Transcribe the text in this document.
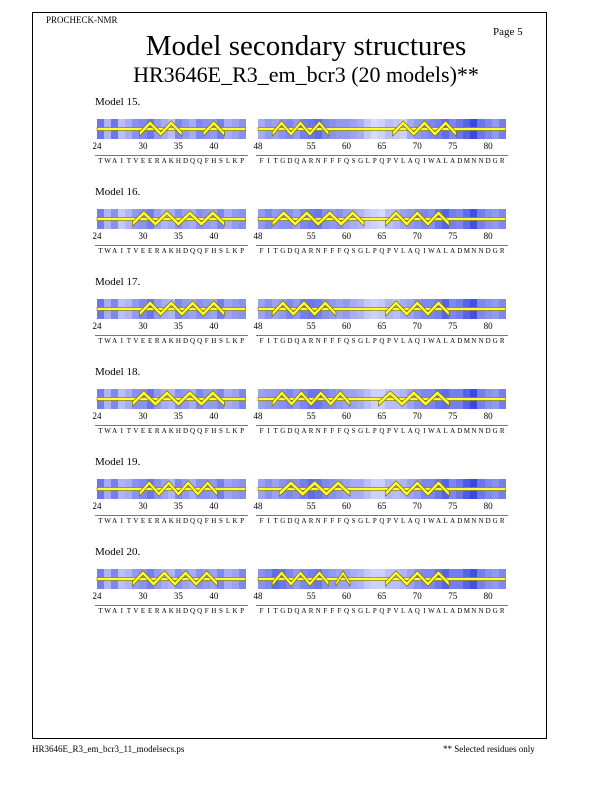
PROCHECK-NMR
Page 5
Model secondary structures
HR3646E_R3_em_bcr3 (20 models)**
Model 15.
24	30	35	40	48	55	60	65	70	75	80
T W A I T V E E R A K H D Q Q F H S L K P F I T G D Q A R N F F F Q S G L P Q P V L A Q I W A L A D M N N D G R
Model 16.
24	30	35	40	48	55	60	65	70	75	80
T W A I T V E E R A K H D Q Q F H S L K P F I T G D Q A R N F F F Q S G L P Q P V L A Q I W A L A D M N N D G R
Model 17.
24	30	35	40	48	55	60	65	70	75	80
T W A I T V E E R A K H D Q Q F H S L K P F I T G D Q A R N F F F Q S G L P Q P V L A Q I W A L A D M N N D G R
Model 18.
24	30	35	40	48	55	60	65	70	75	80
T W A I T V E E R A K H D Q Q F H S L K P F I T G D Q A R N F F F Q S G L P Q P V L A Q I W A L A D M N N D G R
Model 19.
24	30	35	40	48	55	60	65	70	75	80
T W A I T V E E R A K H D Q Q F H S L K P F I T G D Q A R N F F F Q S G L P Q P V L A Q I W A L A D M N N D G R
Model 20.
24	30	35	40	48	55	60	65	70	75	80
T W A I T V E E R A K H D Q Q F H S L K P F I T G D Q A R N F F F Q S G L P Q P V L A Q I W A L A D M N N D G R
HR3646E_R3_em_bcr3_11_modelsecs.ps	** Selected residues only
